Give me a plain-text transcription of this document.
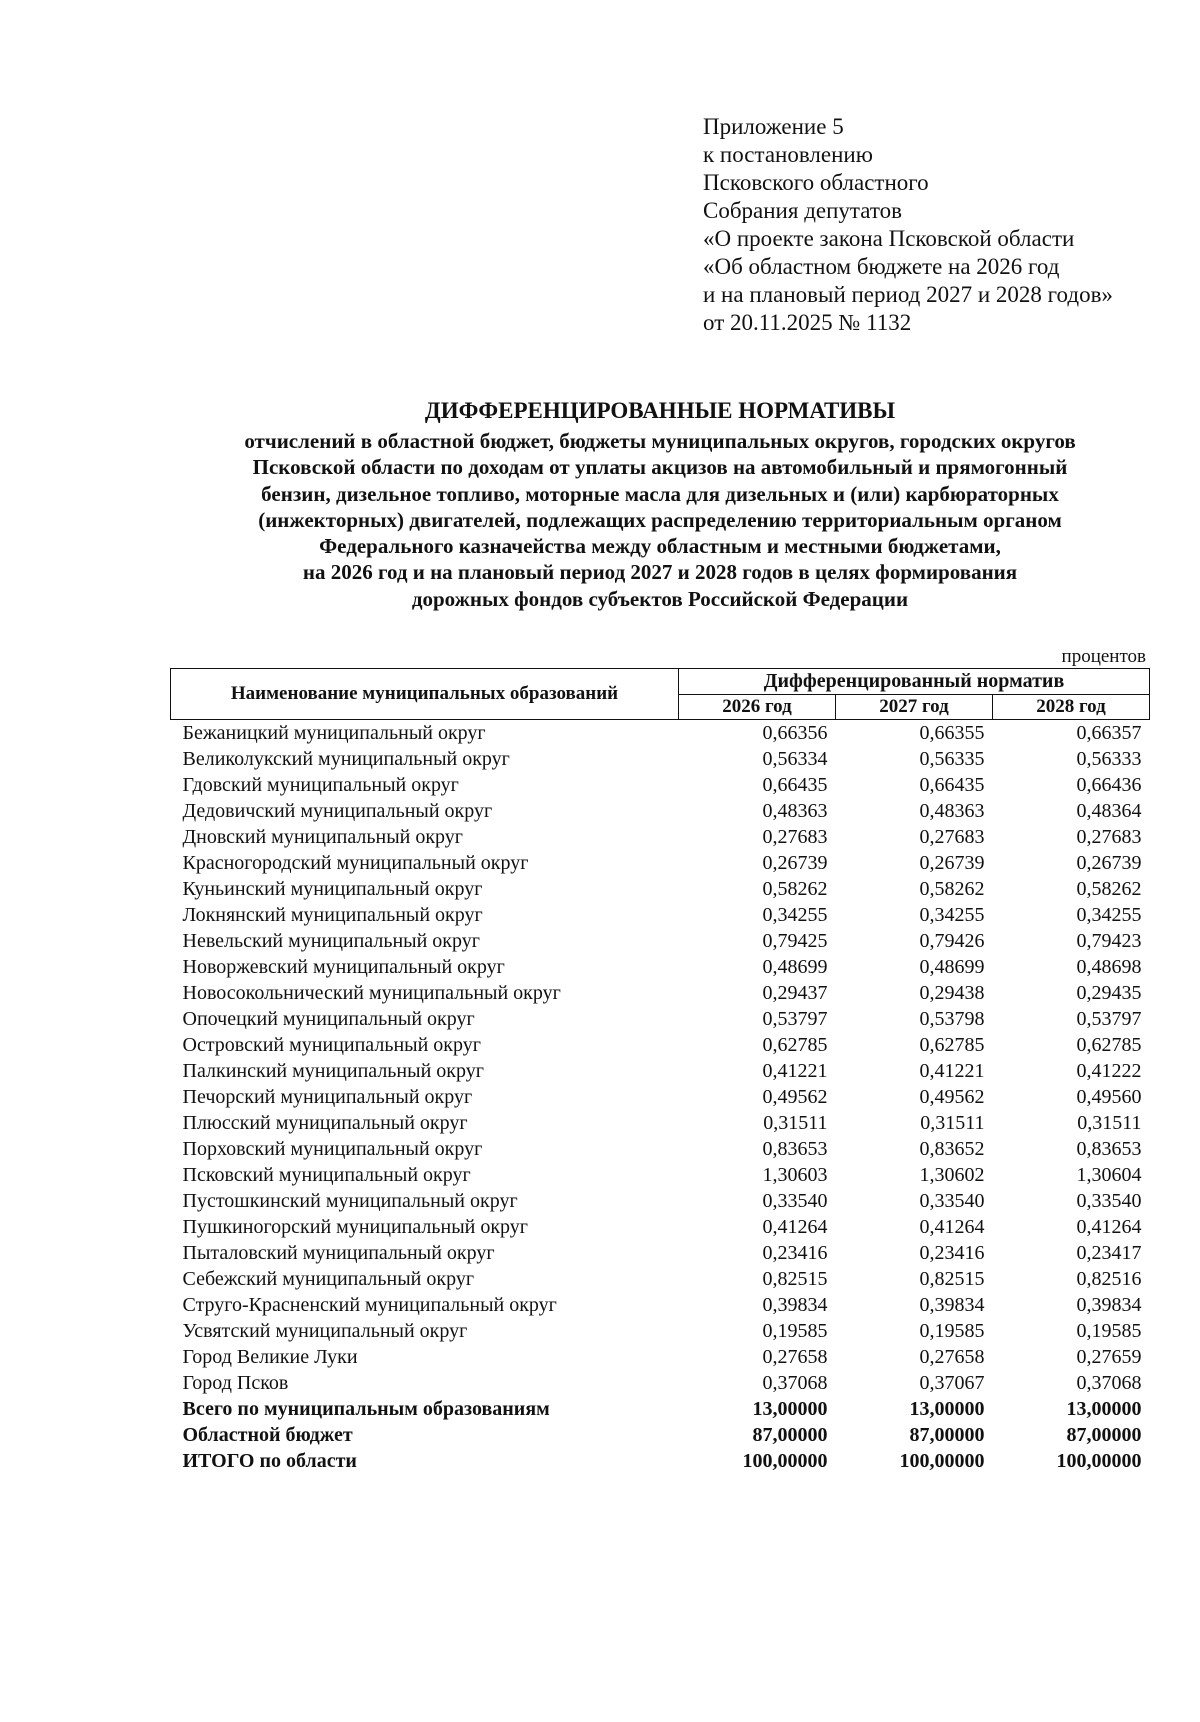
Приложение 5
к постановлению
Псковского областного
Собрания депутатов
«О проекте закона Псковской области
«Об областном бюджете на 2026 год
и на плановый период 2027 и 2028 годов»
от 20.11.2025 № 1132
ДИФФЕРЕНЦИРОВАННЫЕ НОРМАТИВЫ
отчислений в областной бюджет, бюджеты муниципальных округов, городских округов
Псковской области по доходам от уплаты акцизов на автомобильный и прямогонный
бензин, дизельное топливо, моторные масла для дизельных и (или) карбюраторных
(инжекторных) двигателей, подлежащих распределению территориальным органом
Федерального казначейства между областным и местными бюджетами,
на 2026 год и на плановый период 2027 и 2028 годов в целях формирования
дорожных фондов субъектов Российской Федерации
процентов
Наименование муниципальных образований	Дифференцированный норматив		
	2026 год	2027 год	2028 год
Бежаницкий муниципальный округ	0,66356	0,66355	0,66357
Великолукский муниципальный округ	0,56334	0,56335	0,56333
Гдовский муниципальный округ	0,66435	0,66435	0,66436
Дедовичский муниципальный округ	0,48363	0,48363	0,48364
Дновский муниципальный округ	0,27683	0,27683	0,27683
Красногородский муниципальный округ	0,26739	0,26739	0,26739
Куньинский муниципальный округ	0,58262	0,58262	0,58262
Локнянский муниципальный округ	0,34255	0,34255	0,34255
Невельский муниципальный округ	0,79425	0,79426	0,79423
Новоржевский муниципальный округ	0,48699	0,48699	0,48698
Новосокольнический муниципальный округ	0,29437	0,29438	0,29435
Опочецкий муниципальный округ	0,53797	0,53798	0,53797
Островский муниципальный округ	0,62785	0,62785	0,62785
Палкинский муниципальный округ	0,41221	0,41221	0,41222
Печорский муниципальный округ	0,49562	0,49562	0,49560
Плюсский муниципальный округ	0,31511	0,31511	0,31511
Порховский муниципальный округ	0,83653	0,83652	0,83653
Псковский муниципальный округ	1,30603	1,30602	1,30604
Пустошкинский муниципальный округ	0,33540	0,33540	0,33540
Пушкиногорский муниципальный округ	0,41264	0,41264	0,41264
Пыталовский муниципальный округ	0,23416	0,23416	0,23417
Себежский муниципальный округ	0,82515	0,82515	0,82516
Струго-Красненский муниципальный округ	0,39834	0,39834	0,39834
Усвятский муниципальный округ	0,19585	0,19585	0,19585
Город Великие Луки	0,27658	0,27658	0,27659
Город Псков	0,37068	0,37067	0,37068
Всего по муниципальным образованиям	13,00000	13,00000	13,00000
Областной бюджет	87,00000	87,00000	87,00000
ИТОГО по области	100,00000	100,00000	100,00000
